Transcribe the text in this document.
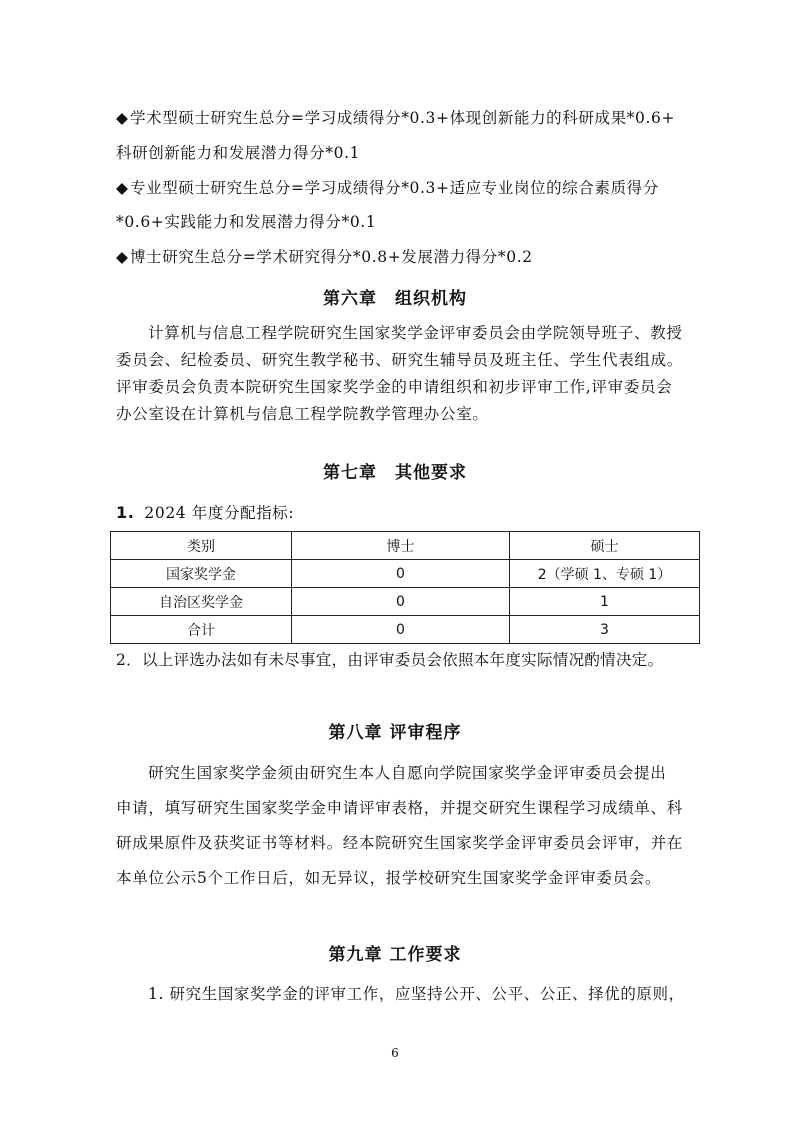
◆学术型硕士研究生总分=学习成绩得分*0.3+体现创新能力的科研成果*0.6+
科研创新能力和发展潜力得分*0.1
◆专业型硕士研究生总分=学习成绩得分*0.3+适应专业岗位的综合素质得分
*0.6+实践能力和发展潜力得分*0.1
◆博士研究生总分=学术研究得分*0.8+发展潜力得分*0.2
第六章　组织机构
计算机与信息工程学院研究生国家奖学金评审委员会由学院领导班子、教授
委员会、纪检委员、研究生教学秘书、研究生辅导员及班主任、学生代表组成。
评审委员会负责本院研究生国家奖学金的申请组织和初步评审工作,评审委员会
办公室设在计算机与信息工程学院教学管理办公室。
第七章　其他要求
1. 2024 年度分配指标:
类别	博士	硕士
国家奖学金	0	2（学硕 1、专硕 1）
自治区奖学金	0	1
合计	0	3
2．以上评选办法如有未尽事宜，由评审委员会依照本年度实际情况酌情决定。
第八章 评审程序
研究生国家奖学金须由研究生本人自愿向学院国家奖学金评审委员会提出
申请，填写研究生国家奖学金申请评审表格，并提交研究生课程学习成绩单、科
研成果原件及获奖证书等材料。经本院研究生国家奖学金评审委员会评审，并在
本单位公示5个工作日后，如无异议，报学校研究生国家奖学金评审委员会。
第九章 工作要求
1. 研究生国家奖学金的评审工作，应坚持公开、公平、公正、择优的原则，
6
